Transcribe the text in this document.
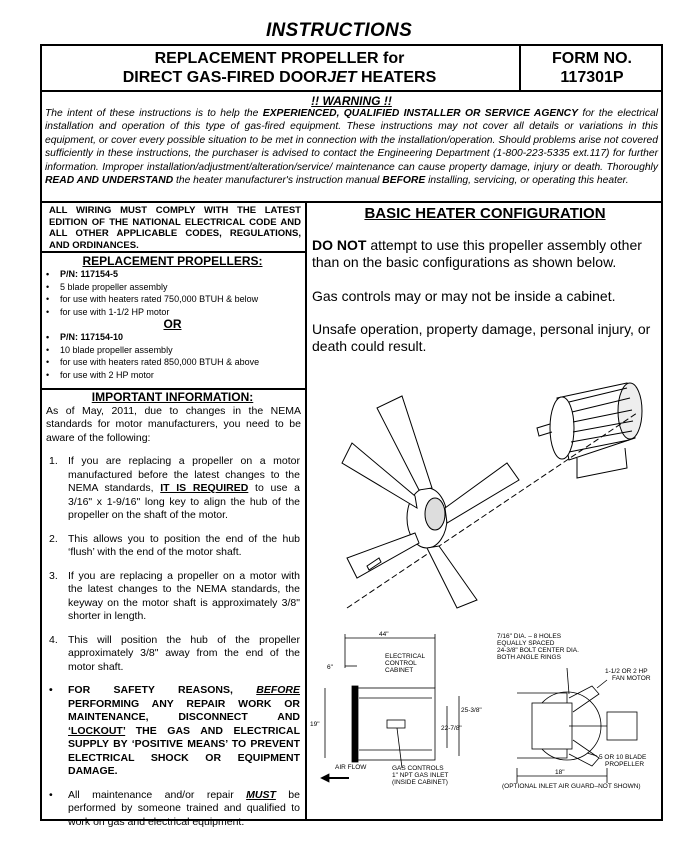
INSTRUCTIONS
REPLACEMENT PROPELLER for
DIRECT GAS-FIRED DOORJET HEATERS
FORM NO.
117301P
!! WARNING !!
The intent of these instructions is to help the EXPERIENCED, QUALIFIED INSTALLER OR SERVICE AGENCY for the electrical installation and operation of this type of gas-fired equipment. These instructions may not cover all details or variations in this equipment, or cover every possible situation to be met in connection with the installation/operation. Should problems arise not covered sufficiently in these instructions, the purchaser is advised to contact the Engineering Department (1-800-223-5335 ext.117) for further information. Improper installation/adjustment/alteration/service/ maintenance can cause property damage, injury or death. Thoroughly READ AND UNDERSTAND the heater manufacturer's instruction manual BEFORE installing, servicing, or operating this heater.
ALL WIRING MUST COMPLY WITH THE LATEST EDITION OF THE NATIONAL ELECTRICAL CODE AND ALL OTHER APPLICABLE CODES, REGULATIONS, AND ORDINANCES.
REPLACEMENT PROPELLERS:
• P/N: 117154-5
• 5 blade propeller assembly
• for use with heaters rated 750,000 BTUH & below
• for use with 1-1/2 HP motor
OR
• P/N: 117154-10
• 10 blade propeller assembly
• for use with heaters rated 850,000 BTUH & above
• for use with 2 HP motor
IMPORTANT INFORMATION:
As of May, 2011, due to changes in the NEMA standards for motor manufacturers, you need to be aware of the following:
1. If you are replacing a propeller on a motor manufactured before the latest changes to the NEMA standards, IT IS REQUIRED to use a 3/16" x 1-9/16" long key to align the hub of the propeller on the shaft of the motor.
2. This allows you to position the end of the hub ‘flush’ with the end of the motor shaft.
3. If you are replacing a propeller on a motor with the latest changes to the NEMA standards, the keyway on the motor shaft is approximately 3/8" shorter in length.
4. This will position the hub of the propeller approximately 3/8" away from the end of the motor shaft.
• FOR SAFETY REASONS, BEFORE PERFORMING ANY REPAIR WORK OR MAINTENANCE, DISCONNECT AND ‘LOCKOUT’ THE GAS AND ELECTRICAL SUPPLY BY ‘POSITIVE MEANS’ TO PREVENT ELECTRICAL SHOCK OR EQUIPMENT DAMAGE.
• All maintenance and/or repair MUST be performed by someone trained and qualified to work on gas and electrical equipment.
BASIC HEATER CONFIGURATION
DO NOT attempt to use this propeller assembly other than on the basic configurations as shown below.
Gas controls may or may not be inside a cabinet.
Unsafe operation, property damage, personal injury, or death could result.
44"
6"
19"
25-3/8"
22-7/8"
18"
ELECTRICAL
CONTROL
CABINET
7/16" DIA. – 8 HOLES
EQUALLY SPACED
24-3/8" BOLT CENTER DIA.
BOTH ANGLE RINGS
1-1/2 OR 2 HP
FAN MOTOR
AIR FLOW	GAS CONTROLS
1" NPT GAS INLET
(INSIDE CABINET)
5 OR 10 BLADE
PROPELLER
(OPTIONAL INLET AIR GUARD–NOT SHOWN)
